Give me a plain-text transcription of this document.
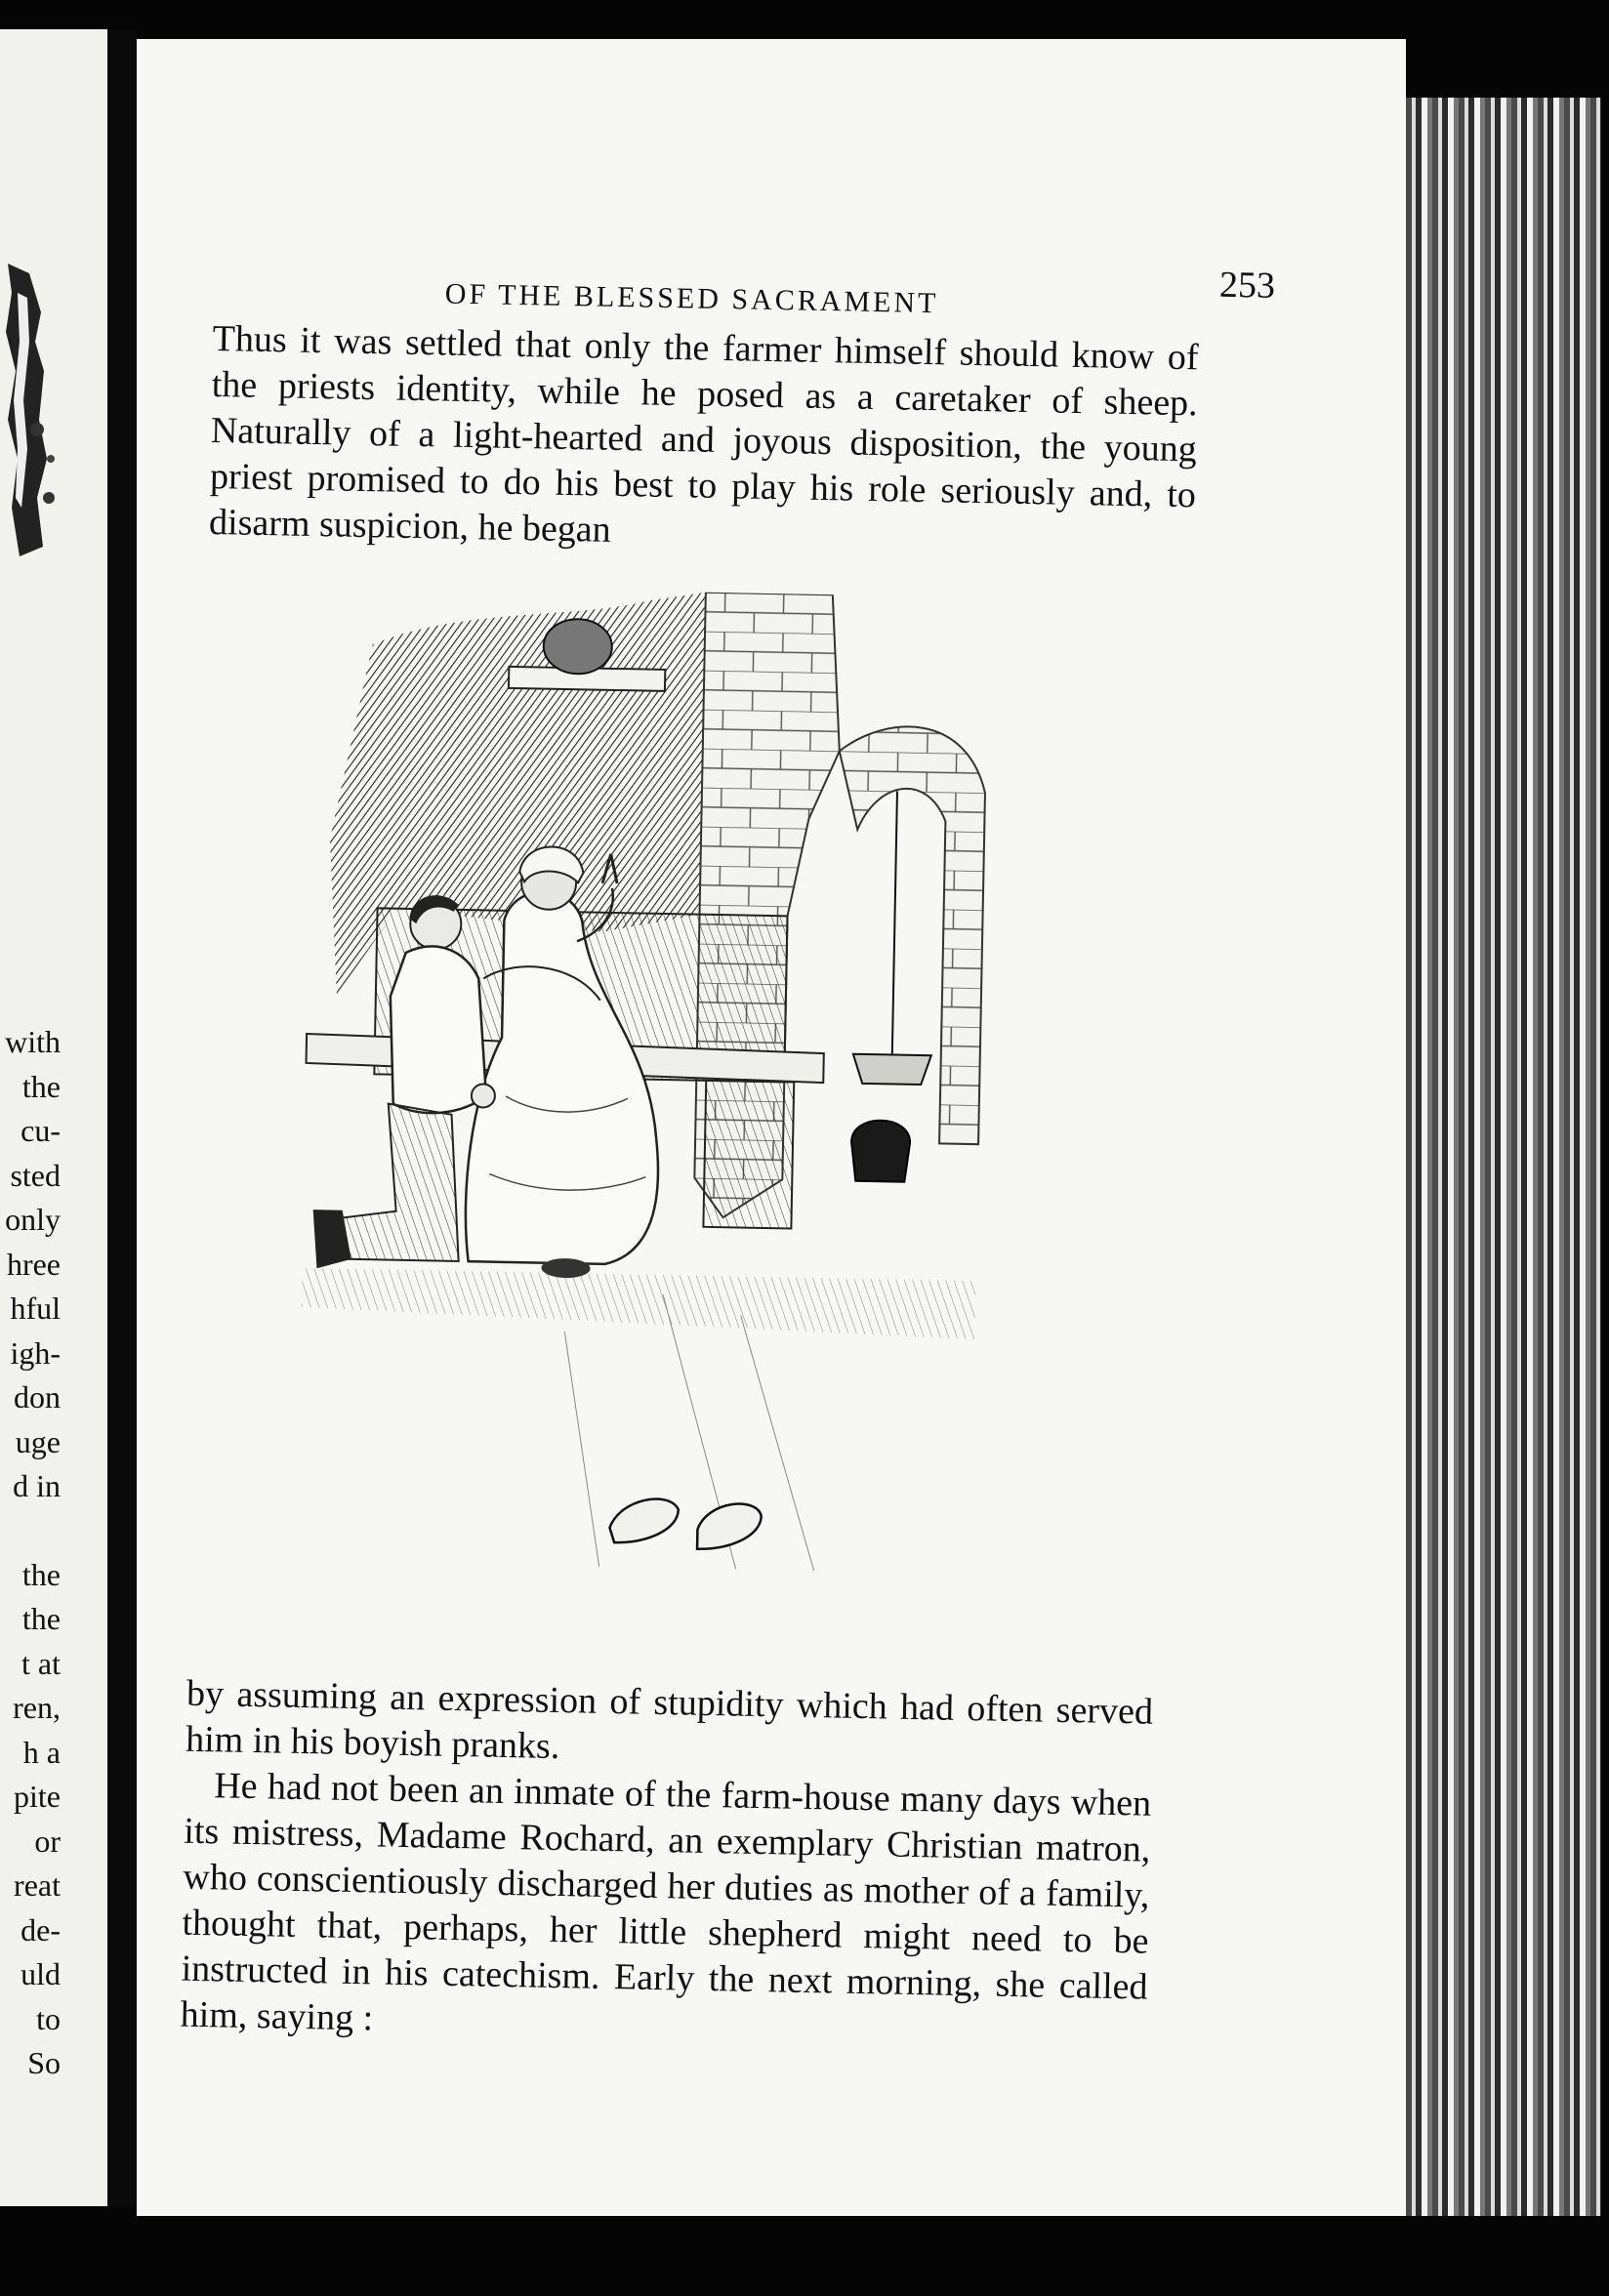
with
the
cu-
sted
only
hree
hful
igh-
don
uge
d in
the
the
t at
ren,
h a
pite
or
reat
de-
uld
to
So
OF THE BLESSED SACRAMENT	253

Thus it was settled that only the farmer himself should know of the priests identity, while he posed as a caretaker of sheep. Naturally of a light-hearted and joyous disposition, the young priest promised to do his best to play his role seriously and, to disarm suspicion, he began

by assuming an expression of stupidity which had often served him in his boyish pranks.

He had not been an inmate of the farm-house many days when its mistress, Madame Rochard, an exemplary Christian matron, who conscientiously discharged her duties as mother of a family, thought that, perhaps, her little shepherd might need to be instructed in his catechism. Early the next morning, she called him, saying :
